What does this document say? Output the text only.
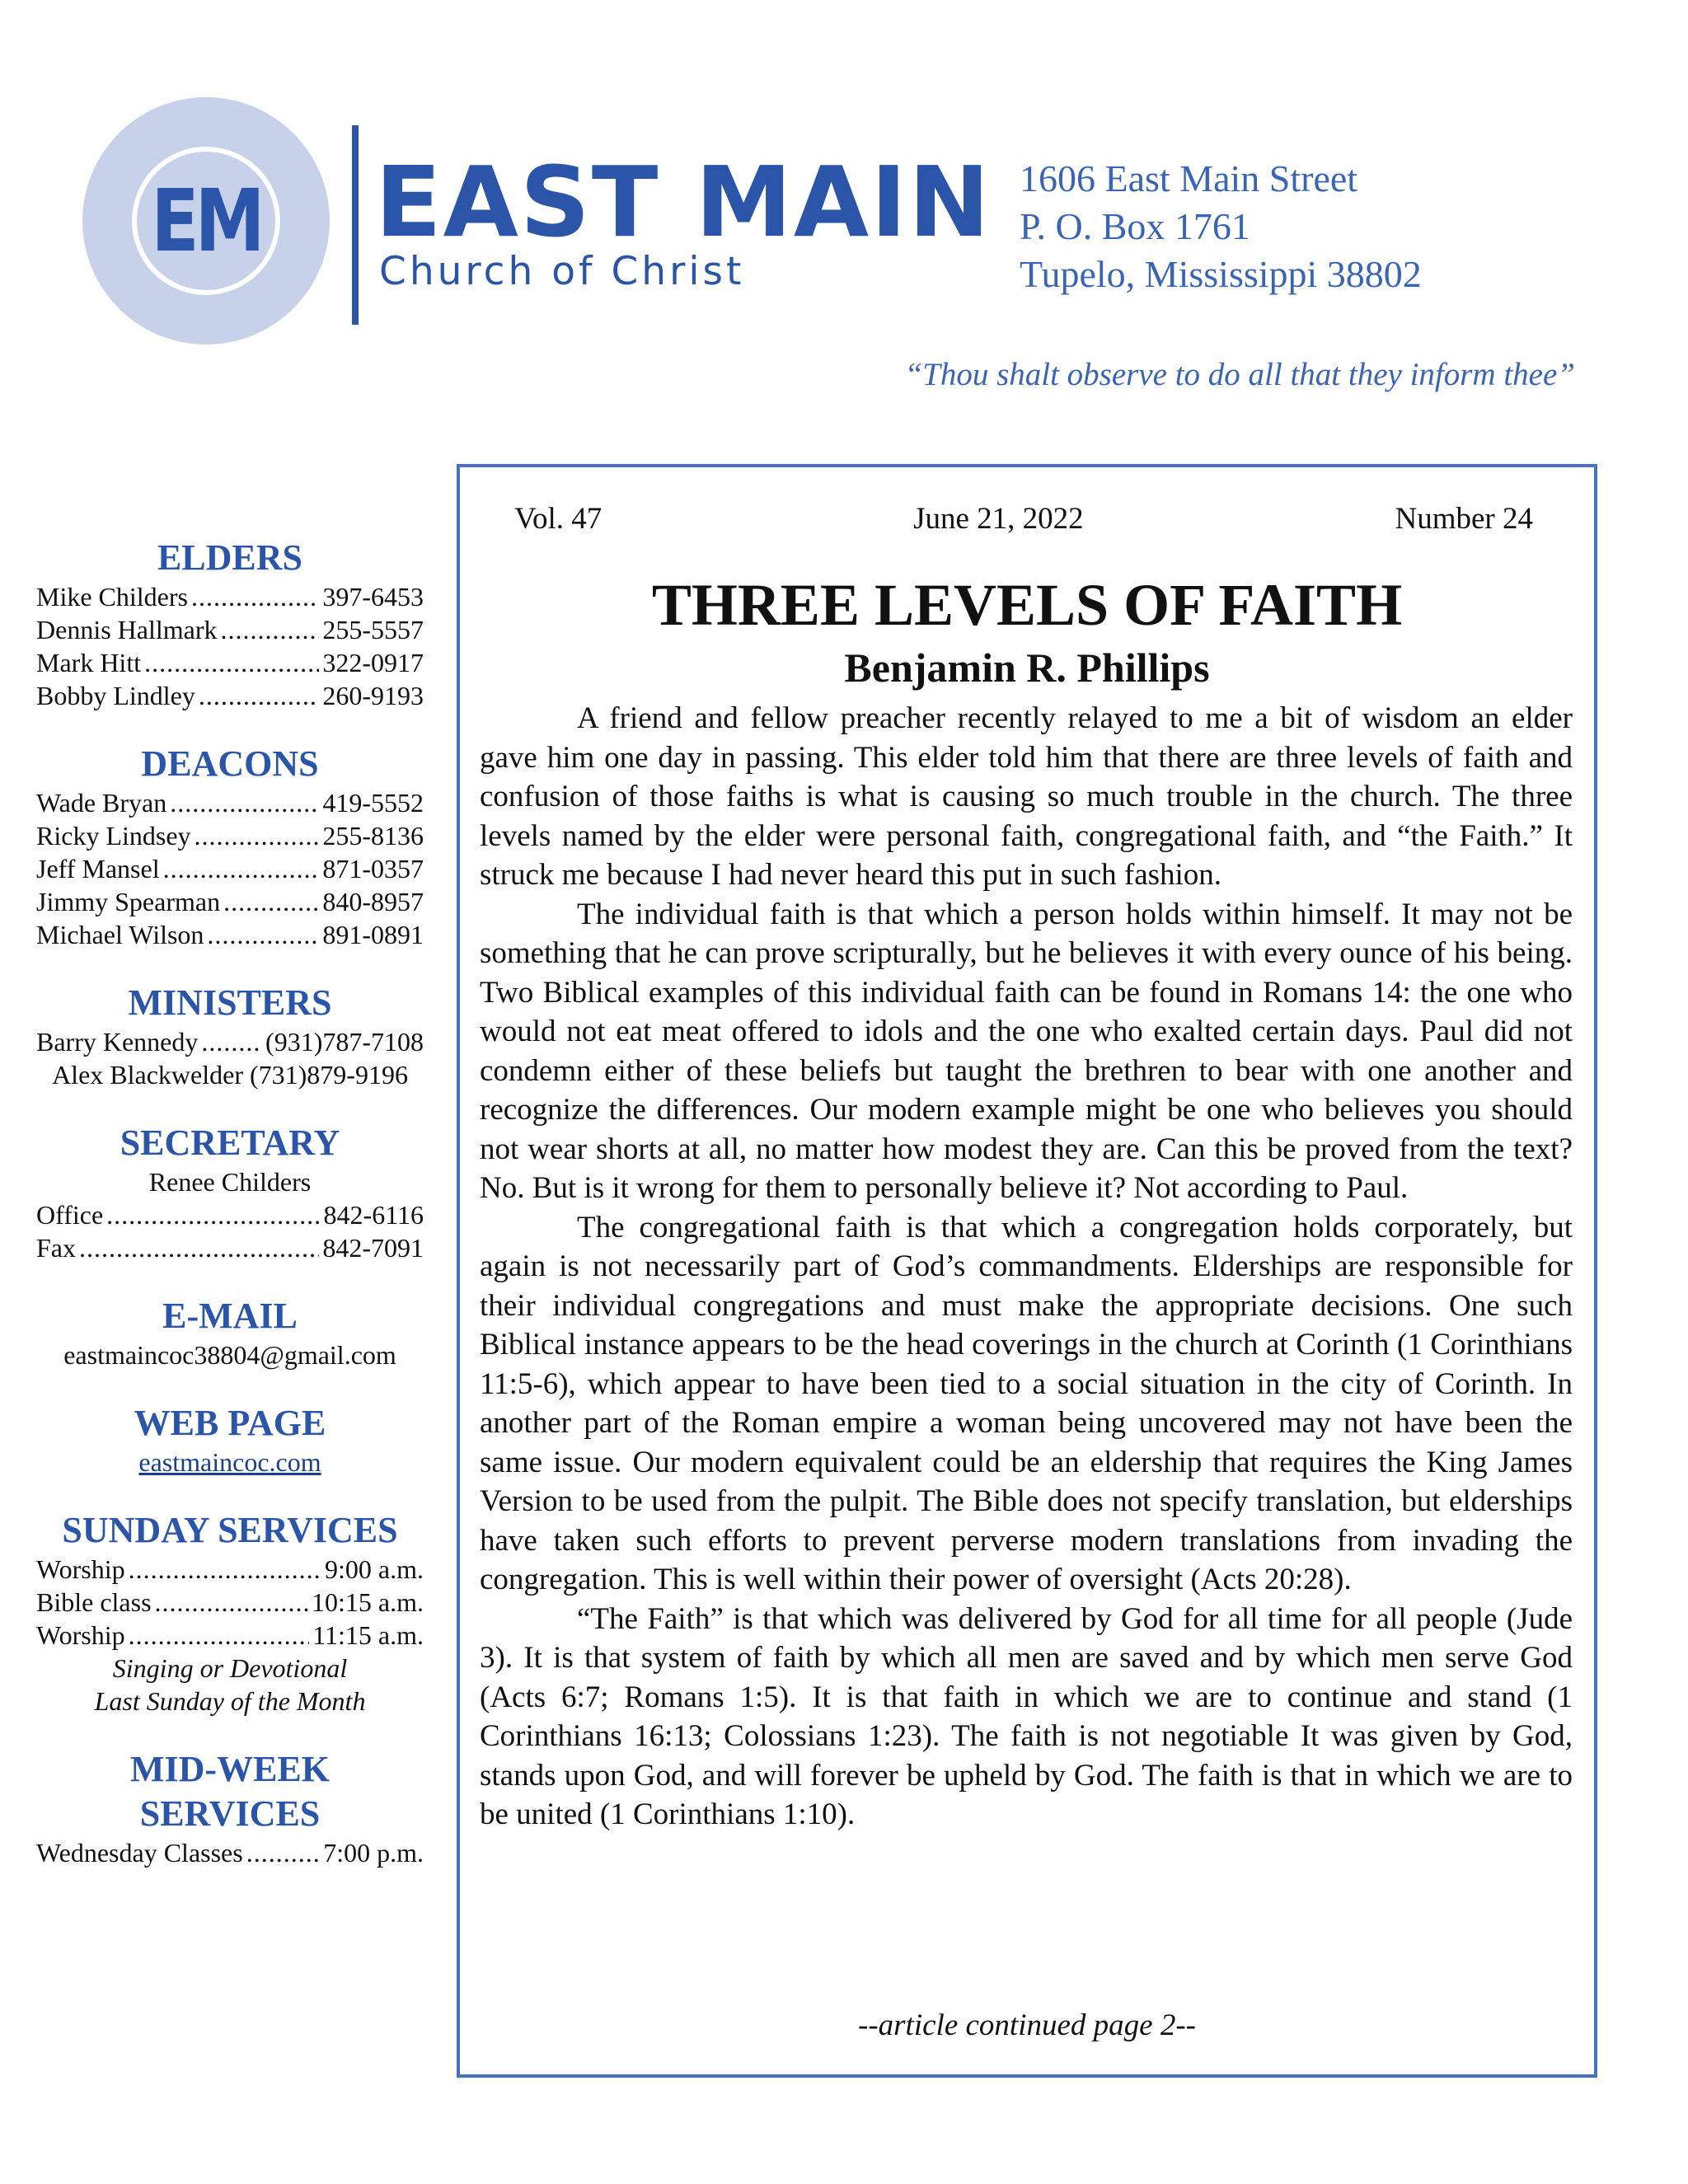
EM EAST MAIN
Church of Christ
1606 East Main Street
P. O. Box 1761
Tupelo, Mississippi 38802
“Thou shalt observe to do all that they inform thee”
ELDERS
Mike Childers .....	397-6453
Dennis Hallmark .....	255-5557
Mark Hitt .....	322-0917
Bobby Lindley .....	260-9193
DEACONS
Wade Bryan .....	419-5552
Ricky Lindsey .....	255-8136
Jeff Mansel .....	871-0357
Jimmy Spearman .....	840-8957
Michael Wilson .....	891-0891
MINISTERS
Barry Kennedy .....	(931)787-7108
Alex Blackwelder (731)879-9196
SECRETARY
Renee Childers
Office .....	842-6116
Fax .....	842-7091
E-MAIL
eastmaincoc38804@gmail.com
WEB PAGE
eastmaincoc.com
SUNDAY SERVICES
Worship .....	9:00 a.m.
Bible class .....	10:15 a.m.
Worship .....	11:15 a.m.
Singing or Devotional
Last Sunday of the Month
MID-WEEK
SERVICES
Wednesday Classes .....	7:00 p.m.
Vol. 47	June 21, 2022	Number 24
THREE LEVELS OF FAITH
Benjamin R. Phillips

A friend and fellow preacher recently relayed to me a bit of wisdom an elder gave him one day in passing. This elder told him that there are three levels of faith and confusion of those faiths is what is causing so much trouble in the church. The three levels named by the elder were personal faith, congregational faith, and “the Faith.” It struck me because I had never heard this put in such fashion.

The individual faith is that which a person holds within himself. It may not be something that he can prove scripturally, but he believes it with every ounce of his being. Two Biblical examples of this individual faith can be found in Romans 14: the one who would not eat meat offered to idols and the one who exalted certain days. Paul did not condemn either of these beliefs but taught the brethren to bear with one another and recognize the differences. Our modern example might be one who believes you should not wear shorts at all, no matter how modest they are. Can this be proved from the text? No. But is it wrong for them to personally believe it? Not according to Paul.

The congregational faith is that which a congregation holds corporately, but again is not necessarily part of God’s commandments. Elderships are responsible for their individual congregations and must make the appropriate decisions. One such Biblical instance appears to be the head coverings in the church at Corinth (1 Corinthians 11:5-6), which appear to have been tied to a social situation in the city of Corinth. In another part of the Roman empire a woman being uncovered may not have been the same issue. Our modern equivalent could be an eldership that requires the King James Version to be used from the pulpit. The Bible does not specify translation, but elderships have taken such efforts to prevent perverse modern translations from invading the congregation. This is well within their power of oversight (Acts 20:28).

“The Faith” is that which was delivered by God for all time for all people (Jude 3). It is that system of faith by which all men are saved and by which men serve God (Acts 6:7; Romans 1:5). It is that faith in which we are to continue and stand (1 Corinthians 16:13; Colossians 1:23). The faith is not negotiable It was given by God, stands upon God, and will forever be upheld by God. The faith is that in which we are to be united (1 Corinthians 1:10).

--article continued page 2--
